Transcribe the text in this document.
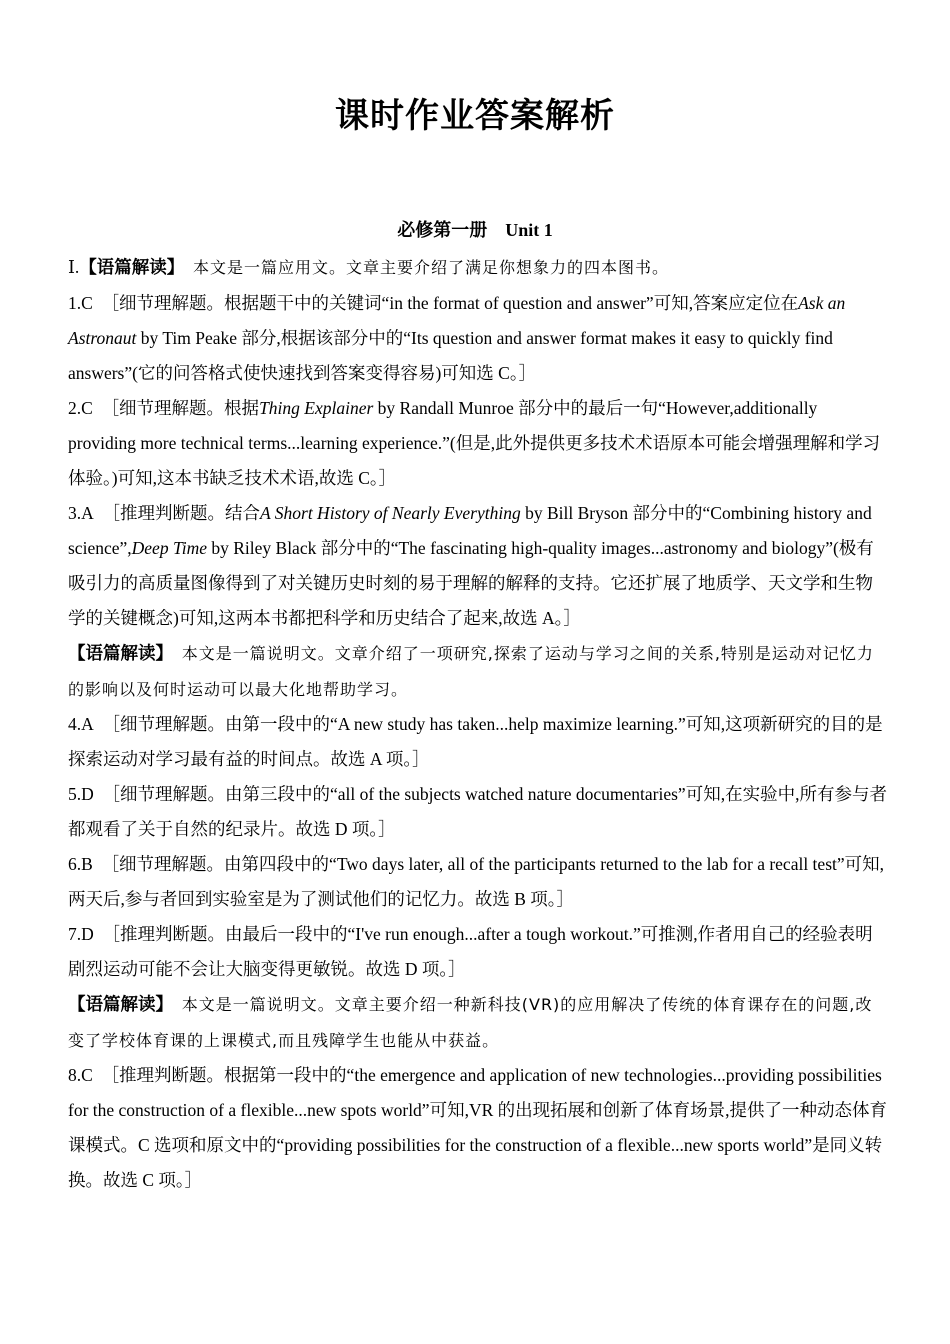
课时作业答案解析
必修第一册　Unit 1

Ⅰ.【语篇解读】 本文是一篇应用文。文章主要介绍了满足你想象力的四本图书。

1.C ［细节理解题。根据题干中的关键词“in the format of question and answer”可知,答案应定位在Ask an Astronaut by Tim Peake 部分,根据该部分中的“Its question and answer format makes it easy to quickly find answers”(它的问答格式使快速找到答案变得容易)可知选 C。］

2.C ［细节理解题。根据Thing Explainer by Randall Munroe 部分中的最后一句“However,additionally providing more technical terms...learning experience.”(但是,此外提供更多技术术语原本可能会增强理解和学习体验。)可知,这本书缺乏技术术语,故选 C。］

3.A ［推理判断题。结合A Short History of Nearly Everything by Bill Bryson 部分中的“Combining history and science”,Deep Time by Riley Black 部分中的“The fascinating high-quality images...astronomy and biology”(极有吸引力的高质量图像得到了对关键历史时刻的易于理解的解释的支持。它还扩展了地质学、天文学和生物学的关键概念)可知,这两本书都把科学和历史结合了起来,故选 A。］

【语篇解读】 本文是一篇说明文。文章介绍了一项研究,探索了运动与学习之间的关系,特别是运动对记忆力的影响以及何时运动可以最大化地帮助学习。

4.A ［细节理解题。由第一段中的“A new study has taken...help maximize learning.”可知,这项新研究的目的是探索运动对学习最有益的时间点。故选 A 项。］

5.D ［细节理解题。由第三段中的“all of the subjects watched nature documentaries”可知,在实验中,所有参与者都观看了关于自然的纪录片。故选 D 项。］

6.B ［细节理解题。由第四段中的“Two days later, all of the participants returned to the lab for a recall test”可知,两天后,参与者回到实验室是为了测试他们的记忆力。故选 B 项。］

7.D ［推理判断题。由最后一段中的“I've run enough...after a tough workout.”可推测,作者用自己的经验表明剧烈运动可能不会让大脑变得更敏锐。故选 D 项。］

【语篇解读】 本文是一篇说明文。文章主要介绍一种新科技(VR)的应用解决了传统的体育课存在的问题,改变了学校体育课的上课模式,而且残障学生也能从中获益。

8.C ［推理判断题。根据第一段中的“the emergence and application of new technologies...providing possibilities for the construction of a flexible...new spots world”可知,VR 的出现拓展和创新了体育场景,提供了一种动态体育课模式。C 选项和原文中的“providing possibilities for the construction of a flexible...new sports world”是同义转换。故选 C 项。］
